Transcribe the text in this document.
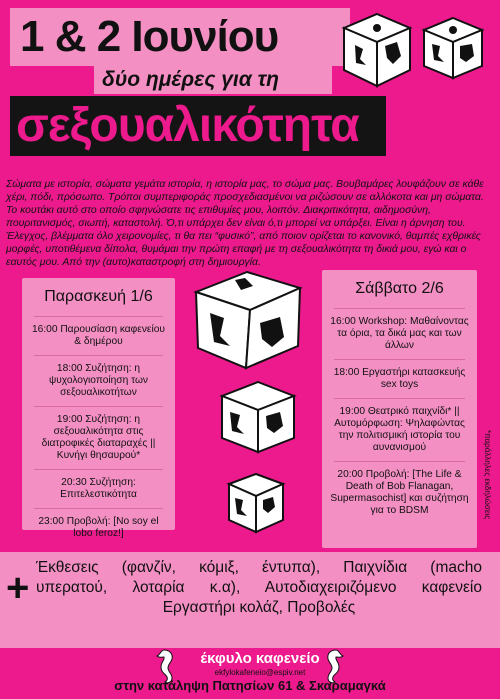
1 & 2 Ιουνίου
δύο ημέρες για τη
σεξουαλικότητα

Σώματα με ιστορία, σώματα γεμάτα ιστορία, η ιστορία μας, το σώμα μας. Βουβαμάρες λουφάζουν σε κάθε χέρι, πόδι, πρόσωπο. Τρόποι συμπεριφοράς προσχεδιασμένοι να ριζώσουν σε αλλόκοτα και μη σώματα. Το κουτάκι αυτό στο οποίο σφηνώσατε τις επιθυμίες μου, λοιπόν. Διακριτικότητα, αιδημοσύνη, πουριτανισμός, σιωπή, καταστολή. Ό,τι υπάρχει δεν είναι ό,τι μπορεί να υπάρξει. Είναι η άρνηση του. Έλεγχος, βλέμματα όλο χειρονομίες, τι θα πει “φυσικό”, από ποιον ορίζεται το κανονικό, θαμπές εχθρικές μορφές, υποτιθέμενα δίπολα, θυμάμαι την πρώτη επαφή με τη σεξουαλικότητα τη δικιά μου, εγώ και ο εαυτός μου. Από την (αυτο)καταστροφή στη δημιουργία.

Παρασκευή 1/6
16:00 Παρουσίαση καφενείου & δημέρου
18:00 Συζήτηση: η ψυχολογιοποίηση των σεξουαλικοτήτων
19:00 Συζήτηση: η σεξουαλικότητα στις διατροφικές διαταραχές || Κυνήγι θησαυρού*
20:30 Συζήτηση: Επιτελεστικότητα
23:00 Προβολή: [No soy el lobo feroz!]
Σάββατο 2/6
16:00 Workshop: Μαθαίνοντας τα όρια, τα δικά μας και των άλλων
18:00 Εργαστήρι κατασκευής sex toys
19:00 Θεατρικό παιχνίδι* || Αυτομόρφωση: Ψηλαφώντας την πολιτισμική ιστορία του αυνανισμού
20:00 Προβολή: [The Life & Death of Bob Flanagan, Supermasochist] και συζήτηση για το BDSM	*παράλληλες εκδηλώσεις
+ Έκθεσεις (φανζίν, κόμιξ, έντυπα), Παιχνίδια (macho
υπερατού, λοταρία κ.α), Αυτοδιαχειριζόμενο καφενείο
Εργαστήρι κολάζ, Προβολές
έκφυλο καφενείο
ekfylokafeneio@espiv.net
στην κατάληψη Πατησίων 61 & Σκαραμαγκά
